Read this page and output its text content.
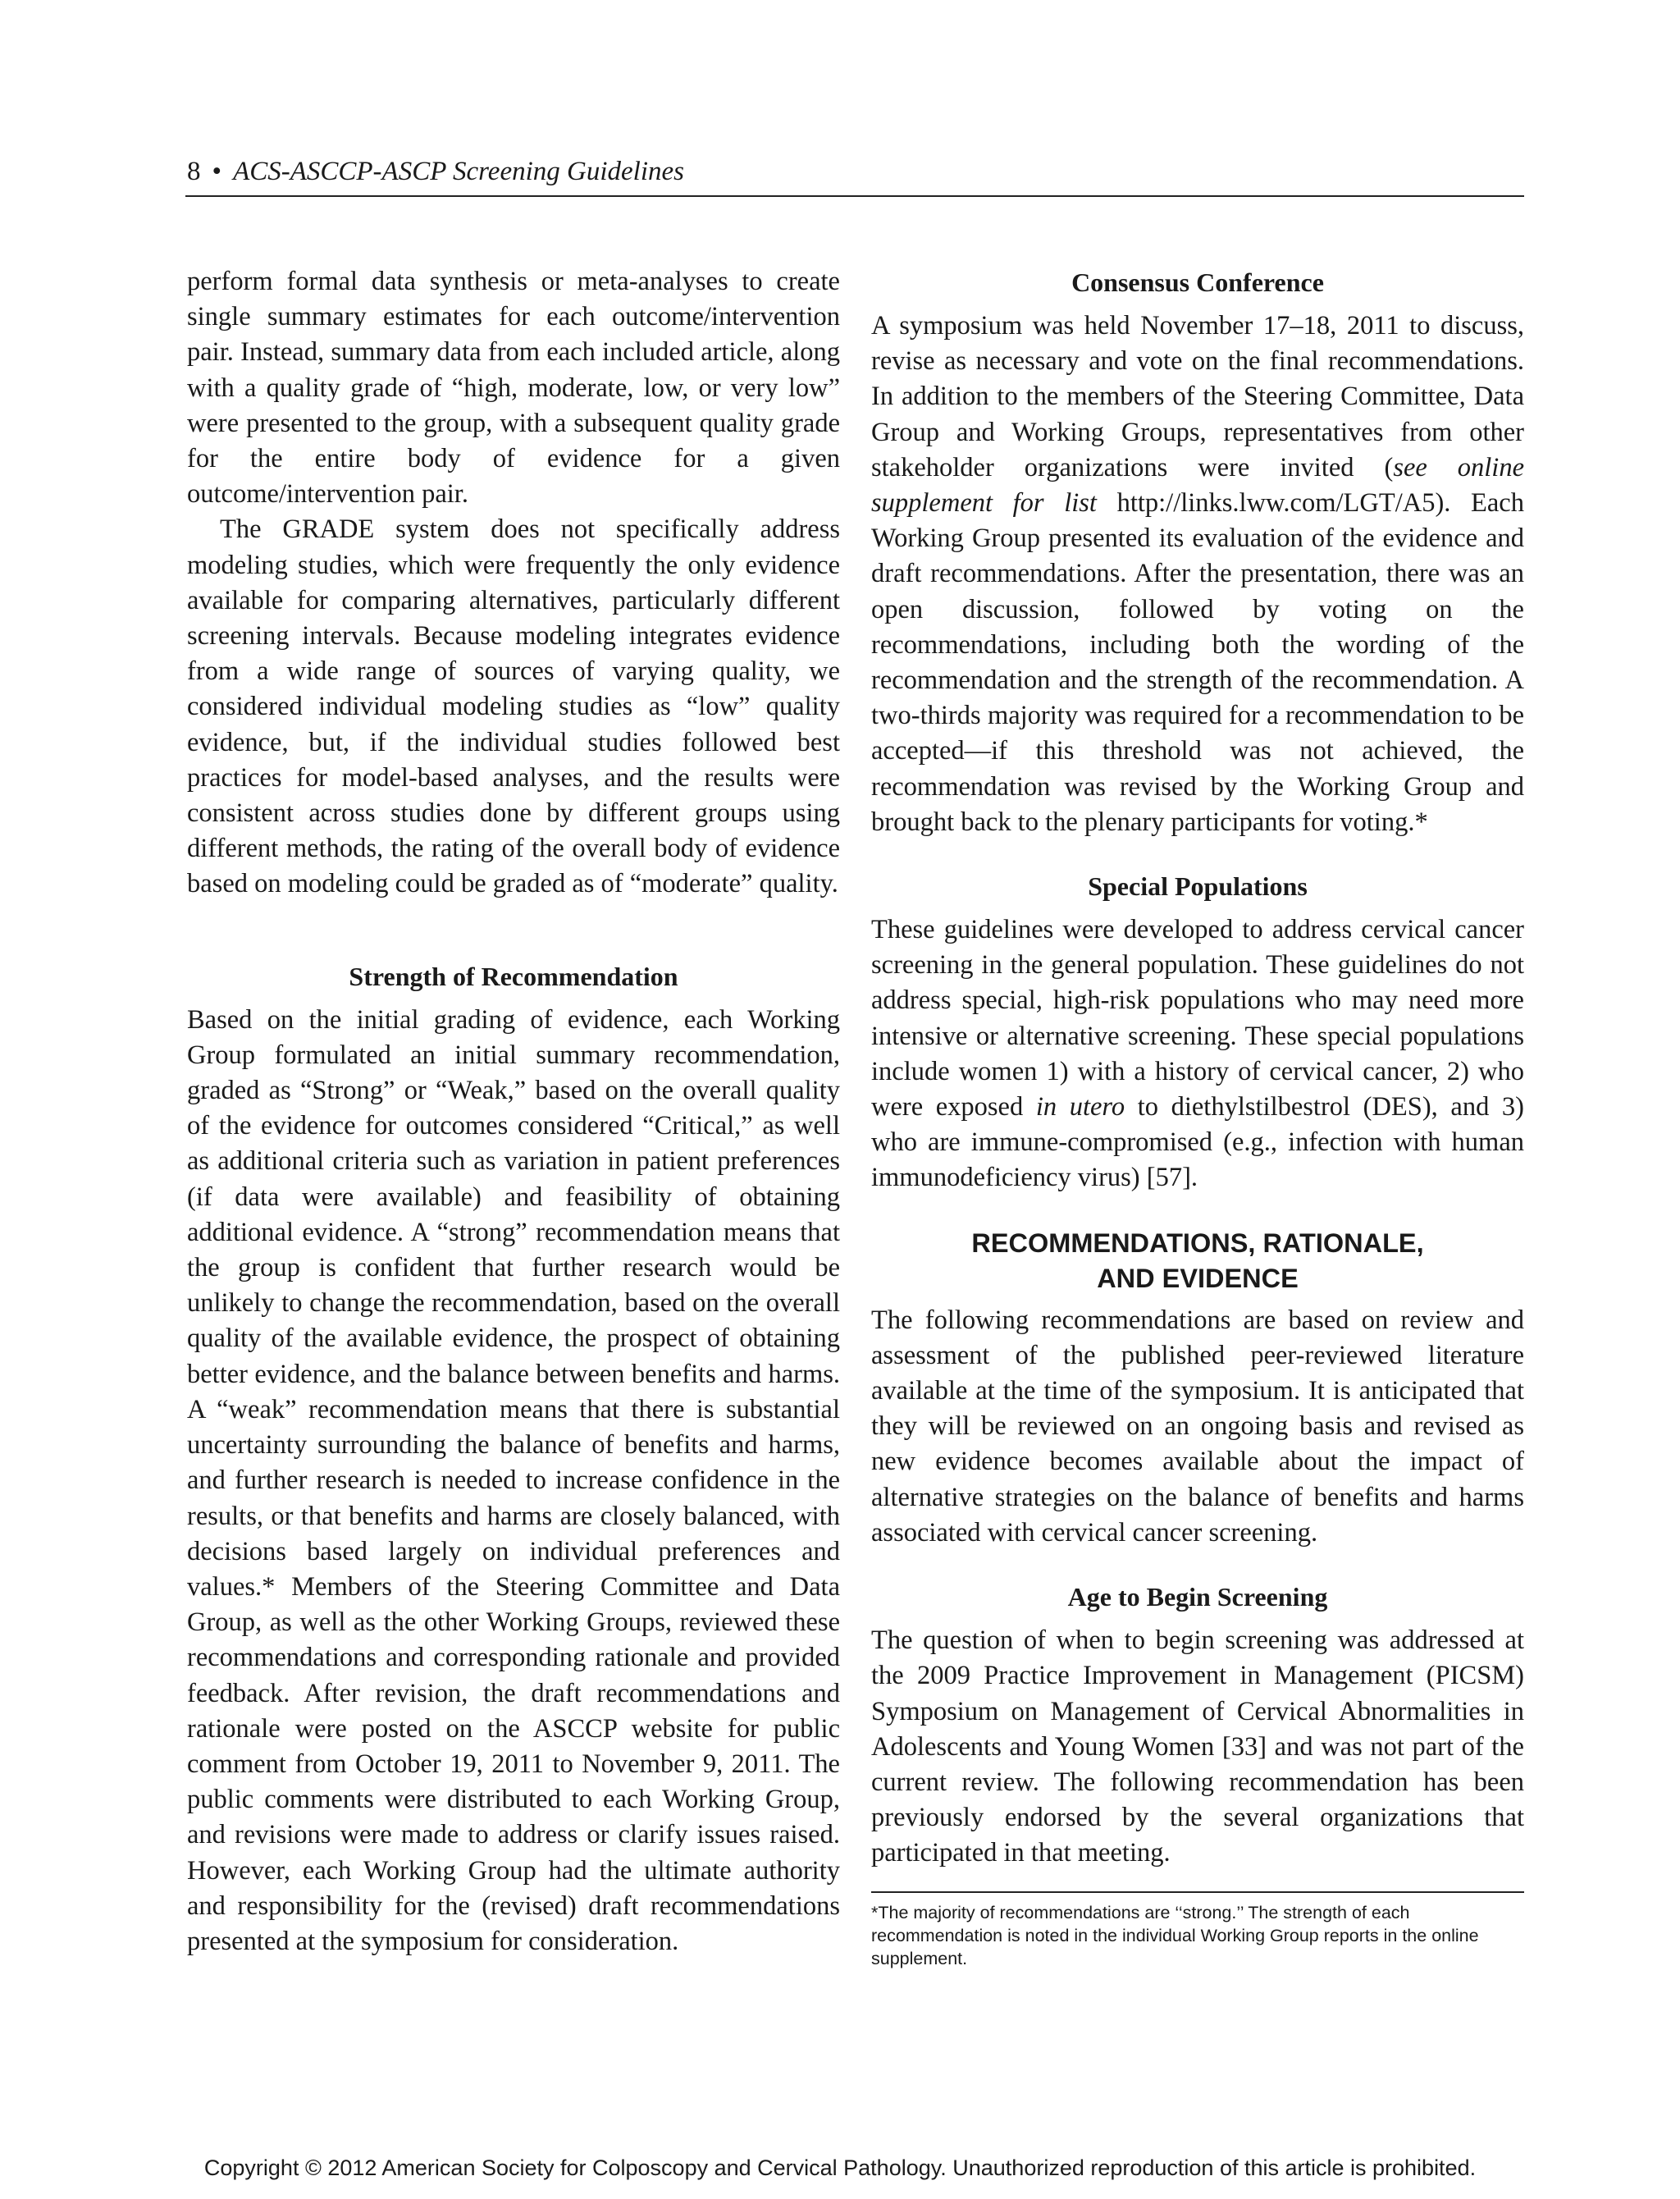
8 • ACS-ASCCP-ASCP Screening Guidelines

perform formal data synthesis or meta-analyses to create single summary estimates for each outcome/intervention pair. Instead, summary data from each included article, along with a quality grade of “high, moderate, low, or very low” were presented to the group, with a subsequent quality grade for the entire body of evidence for a given outcome/intervention pair.

The GRADE system does not specifically address modeling studies, which were frequently the only evidence available for comparing alternatives, particularly different screening intervals. Because modeling integrates evidence from a wide range of sources of varying quality, we considered individual modeling studies as “low” quality evidence, but, if the individual studies followed best practices for model-based analyses, and the results were consistent across studies done by different groups using different methods, the rating of the overall body of evidence based on modeling could be graded as of “moderate” quality.

Strength of Recommendation

Based on the initial grading of evidence, each Working Group formulated an initial summary recommendation, graded as “Strong” or “Weak,” based on the overall quality of the evidence for outcomes considered “Critical,” as well as additional criteria such as variation in patient preferences (if data were available) and feasibility of obtaining additional evidence. A “strong” recommendation means that the group is confident that further research would be unlikely to change the recommendation, based on the overall quality of the available evidence, the prospect of obtaining better evidence, and the balance between benefits and harms. A “weak” recommendation means that there is substantial uncertainty surrounding the balance of benefits and harms, and further research is needed to increase confidence in the results, or that benefits and harms are closely balanced, with decisions based largely on individual preferences and values.* Members of the Steering Committee and Data Group, as well as the other Working Groups, reviewed these recommendations and corresponding rationale and provided feedback. After revision, the draft recommendations and rationale were posted on the ASCCP website for public comment from October 19, 2011 to November 9, 2011. The public comments were distributed to each Working Group, and revisions were made to address or clarify issues raised. However, each Working Group had the ultimate authority and responsibility for the (revised) draft recommendations presented at the symposium for consideration.

Consensus Conference

A symposium was held November 17–18, 2011 to discuss, revise as necessary and vote on the final recommendations. In addition to the members of the Steering Committee, Data Group and Working Groups, representatives from other stakeholder organizations were invited (see online supplement for list http://links.lww.com/LGT/A5). Each Working Group presented its evaluation of the evidence and draft recommendations. After the presentation, there was an open discussion, followed by voting on the recommendations, including both the wording of the recommendation and the strength of the recommendation. A two-thirds majority was required for a recommendation to be accepted—if this threshold was not achieved, the recommendation was revised by the Working Group and brought back to the plenary participants for voting.*

Special Populations

These guidelines were developed to address cervical cancer screening in the general population. These guidelines do not address special, high-risk populations who may need more intensive or alternative screening. These special populations include women 1) with a history of cervical cancer, 2) who were exposed in utero to diethylstilbestrol (DES), and 3) who are immune-compromised (e.g., infection with human immunodeficiency virus) [57].

RECOMMENDATIONS, RATIONALE,
AND EVIDENCE

The following recommendations are based on review and assessment of the published peer-reviewed literature available at the time of the symposium. It is anticipated that they will be reviewed on an ongoing basis and revised as new evidence becomes available about the impact of alternative strategies on the balance of benefits and harms associated with cervical cancer screening.

Age to Begin Screening

The question of when to begin screening was addressed at the 2009 Practice Improvement in Management (PICSM) Symposium on Management of Cervical Abnormalities in Adolescents and Young Women [33] and was not part of the current review. The following recommendation has been previously endorsed by the several organizations that participated in that meeting.

*The majority of recommendations are ‘‘strong.’’ The strength of each recommendation is noted in the individual Working Group reports in the online supplement.
Copyright © 2012 American Society for Colposcopy and Cervical Pathology. Unauthorized reproduction of this article is prohibited.
